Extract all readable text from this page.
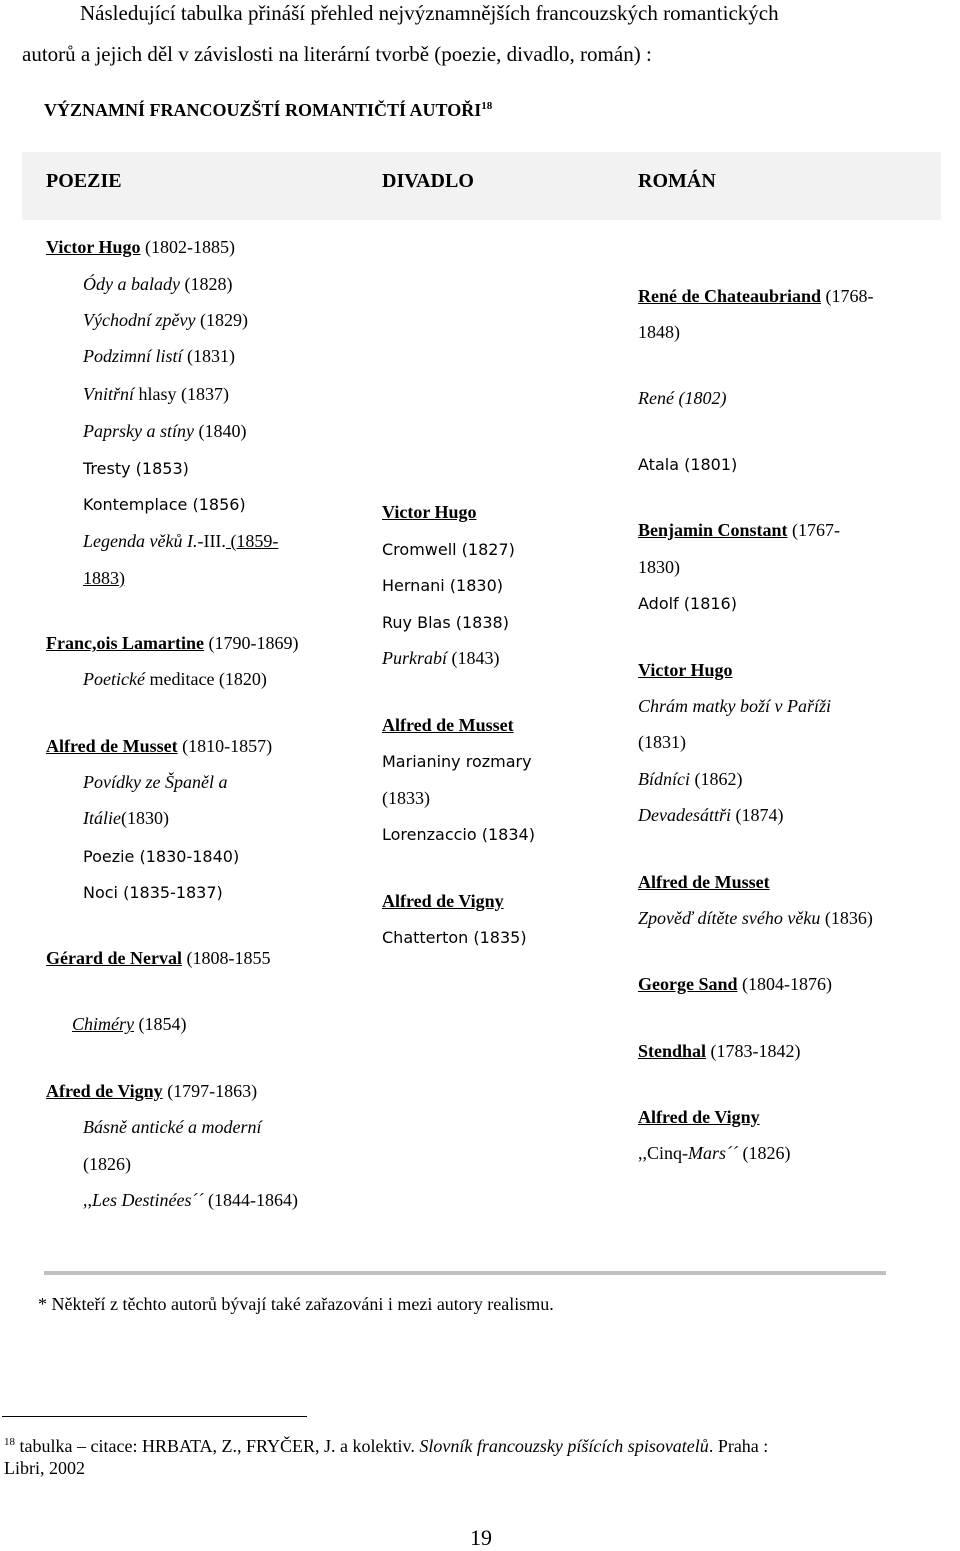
Následující tabulka přináší přehled nejvýznamnějších francouzských romantických
autorů a jejich děl v závislosti na literární tvorbě (poezie, divadlo, román) :
VÝZNAMNÍ FRANCOUZŠTÍ ROMANTIČTÍ AUTOŘI$^{18}$
POEZIE	DIVADLO	ROMÁN
Victor Hugo (1802-1885)
Ódy a balady (1828)
Východní zpěvy (1829)
Podzimní listí (1831)
Vnitřní hlasy (1837)
Paprsky a stíny (1840)
Tresty (1853)
Kontemplace (1856)
Legenda věků I.-III. (1859-
1883)
Franc,ois Lamartine (1790-1869)
Poetické meditace (1820)
Alfred de Musset (1810-1857)
Povídky ze Španěl a
Itálie(1830)
Poezie (1830-1840)
Noci (1835-1837)
Gérard de Nerval (1808-1855
Chiméry (1854)
Afred de Vigny (1797-1863)
Básně antické a moderní
(1826)
,,Les Destinées´´ (1844-1864)
Victor Hugo
Cromwell (1827)
Hernani (1830)
Ruy Blas (1838)
Purkrabí (1843)
Alfred de Musset
Marianiny rozmary
(1833)
Lorenzaccio (1834)
Alfred de Vigny
Chatterton (1835)
René de Chateaubriand (1768-
1848)
René (1802)
Atala (1801)
Benjamin Constant (1767-
1830)
Adolf (1816)
Victor Hugo
Chrám matky boží v Paříži
(1831)
Bídníci (1862)
Devadesáttři (1874)
Alfred de Musset
Zpověď dítěte svého věku (1836)
George Sand (1804-1876)
Stendhal (1783-1842)
Alfred de Vigny
,,Cinq-Mars´´ (1826)
* Někteří z těchto autorů bývají také zařazováni i mezi autory realismu.
$^{18}$ tabulka – citace: HRBATA, Z., FRYČER, J. a kolektiv. Slovník francouzsky píšících spisovatelů. Praha :
Libri, 2002
19
